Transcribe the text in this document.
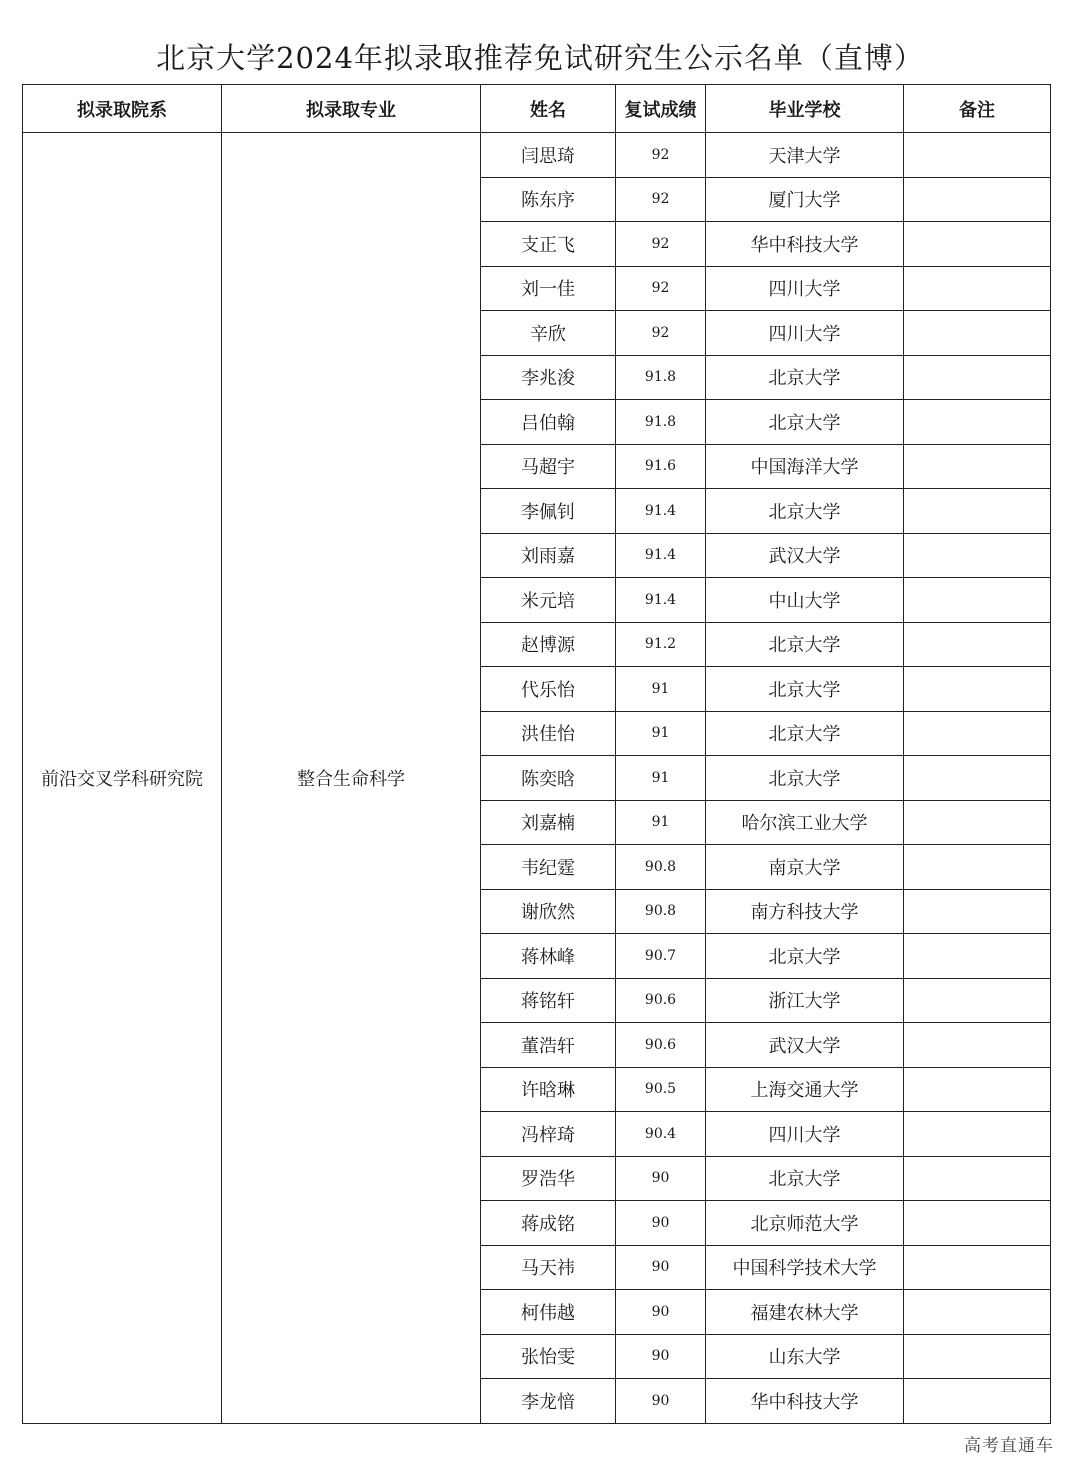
北京大学2024年拟录取推荐免试研究生公示名单（直博）
拟录取院系	拟录取专业	姓名	复试成绩	毕业学校	备注
前沿交叉学科研究院	整合生命科学	闫思琦	92	天津大学	
		陈东序	92	厦门大学	
		支正飞	92	华中科技大学	
		刘一佳	92	四川大学	
		辛欣	92	四川大学	
		李兆浚	91.8	北京大学	
		吕伯翰	91.8	北京大学	
		马超宇	91.6	中国海洋大学	
		李佩钊	91.4	北京大学	
		刘雨嘉	91.4	武汉大学	
		米元培	91.4	中山大学	
		赵博源	91.2	北京大学	
		代乐怡	91	北京大学	
		洪佳怡	91	北京大学	
		陈奕晗	91	北京大学	
		刘嘉楠	91	哈尔滨工业大学	
		韦纪霆	90.8	南京大学	
		谢欣然	90.8	南方科技大学	
		蒋林峰	90.7	北京大学	
		蒋铭轩	90.6	浙江大学	
		董浩轩	90.6	武汉大学	
		许晗琳	90.5	上海交通大学	
		冯梓琦	90.4	四川大学	
		罗浩华	90	北京大学	
		蒋成铭	90	北京师范大学	
		马天祎	90	中国科学技术大学	
		柯伟越	90	福建农林大学	
		张怡雯	90	山东大学	
		李龙愔	90	华中科技大学	
高考直通车
